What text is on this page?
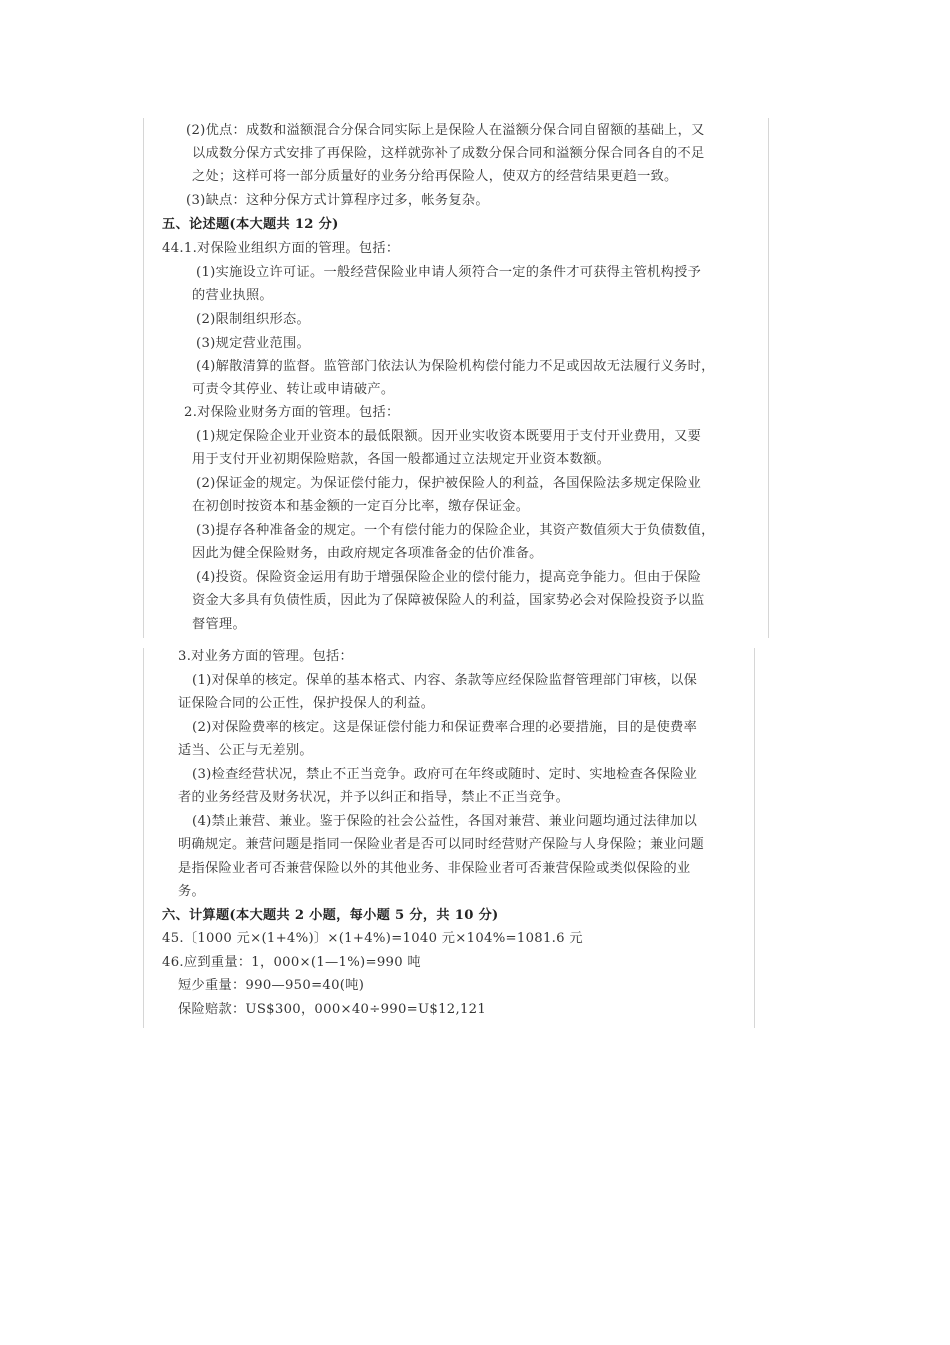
(2)优点：成数和溢额混合分保合同实际上是保险人在溢额分保合同自留额的基础上，又
以成数分保方式安排了再保险，这样就弥补了成数分保合同和溢额分保合同各自的不足
之处；这样可将一部分质量好的业务分给再保险人，使双方的经营结果更趋一致。
(3)缺点：这种分保方式计算程序过多，帐务复杂。
五、论述题(本大题共 12 分)
44.1.对保险业组织方面的管理。包括：
(1)实施设立许可证。一般经营保险业申请人须符合一定的条件才可获得主管机构授予
的营业执照。
(2)限制组织形态。
(3)规定营业范围。
(4)解散清算的监督。监管部门依法认为保险机构偿付能力不足或因故无法履行义务时，
可责令其停业、转让或申请破产。
2.对保险业财务方面的管理。包括：
(1)规定保险企业开业资本的最低限额。因开业实收资本既要用于支付开业费用，又要
用于支付开业初期保险赔款，各国一般都通过立法规定开业资本数额。
(2)保证金的规定。为保证偿付能力，保护被保险人的利益，各国保险法多规定保险业
在初创时按资本和基金额的一定百分比率，缴存保证金。
(3)提存各种准备金的规定。一个有偿付能力的保险企业，其资产数值须大于负债数值，
因此为健全保险财务，由政府规定各项准备金的估价准备。
(4)投资。保险资金运用有助于增强保险企业的偿付能力，提高竞争能力。但由于保险
资金大多具有负债性质，因此为了保障被保险人的利益，国家势必会对保险投资予以监
督管理。
3.对业务方面的管理。包括：
(1)对保单的核定。保单的基本格式、内容、条款等应经保险监督管理部门审核，以保
证保险合同的公正性，保护投保人的利益。
(2)对保险费率的核定。这是保证偿付能力和保证费率合理的必要措施，目的是使费率
适当、公正与无差别。
(3)检查经营状况，禁止不正当竞争。政府可在年终或随时、定时、实地检查各保险业
者的业务经营及财务状况，并予以纠正和指导，禁止不正当竞争。
(4)禁止兼营、兼业。鉴于保险的社会公益性，各国对兼营、兼业问题均通过法律加以
明确规定。兼营问题是指同一保险业者是否可以同时经营财产保险与人身保险；兼业问题
是指保险业者可否兼营保险以外的其他业务、非保险业者可否兼营保险或类似保险的业
务。
六、计算题(本大题共 2 小题，每小题 5 分，共 10 分)
45.〔1000 元×(1+4%)〕×(1+4%)=1040 元×104%=1081.6 元
46.应到重量：1，000×(1—1%)=990 吨
短少重量：990—950=40(吨)
保险赔款：US$300，000×40÷990=U$12,121
